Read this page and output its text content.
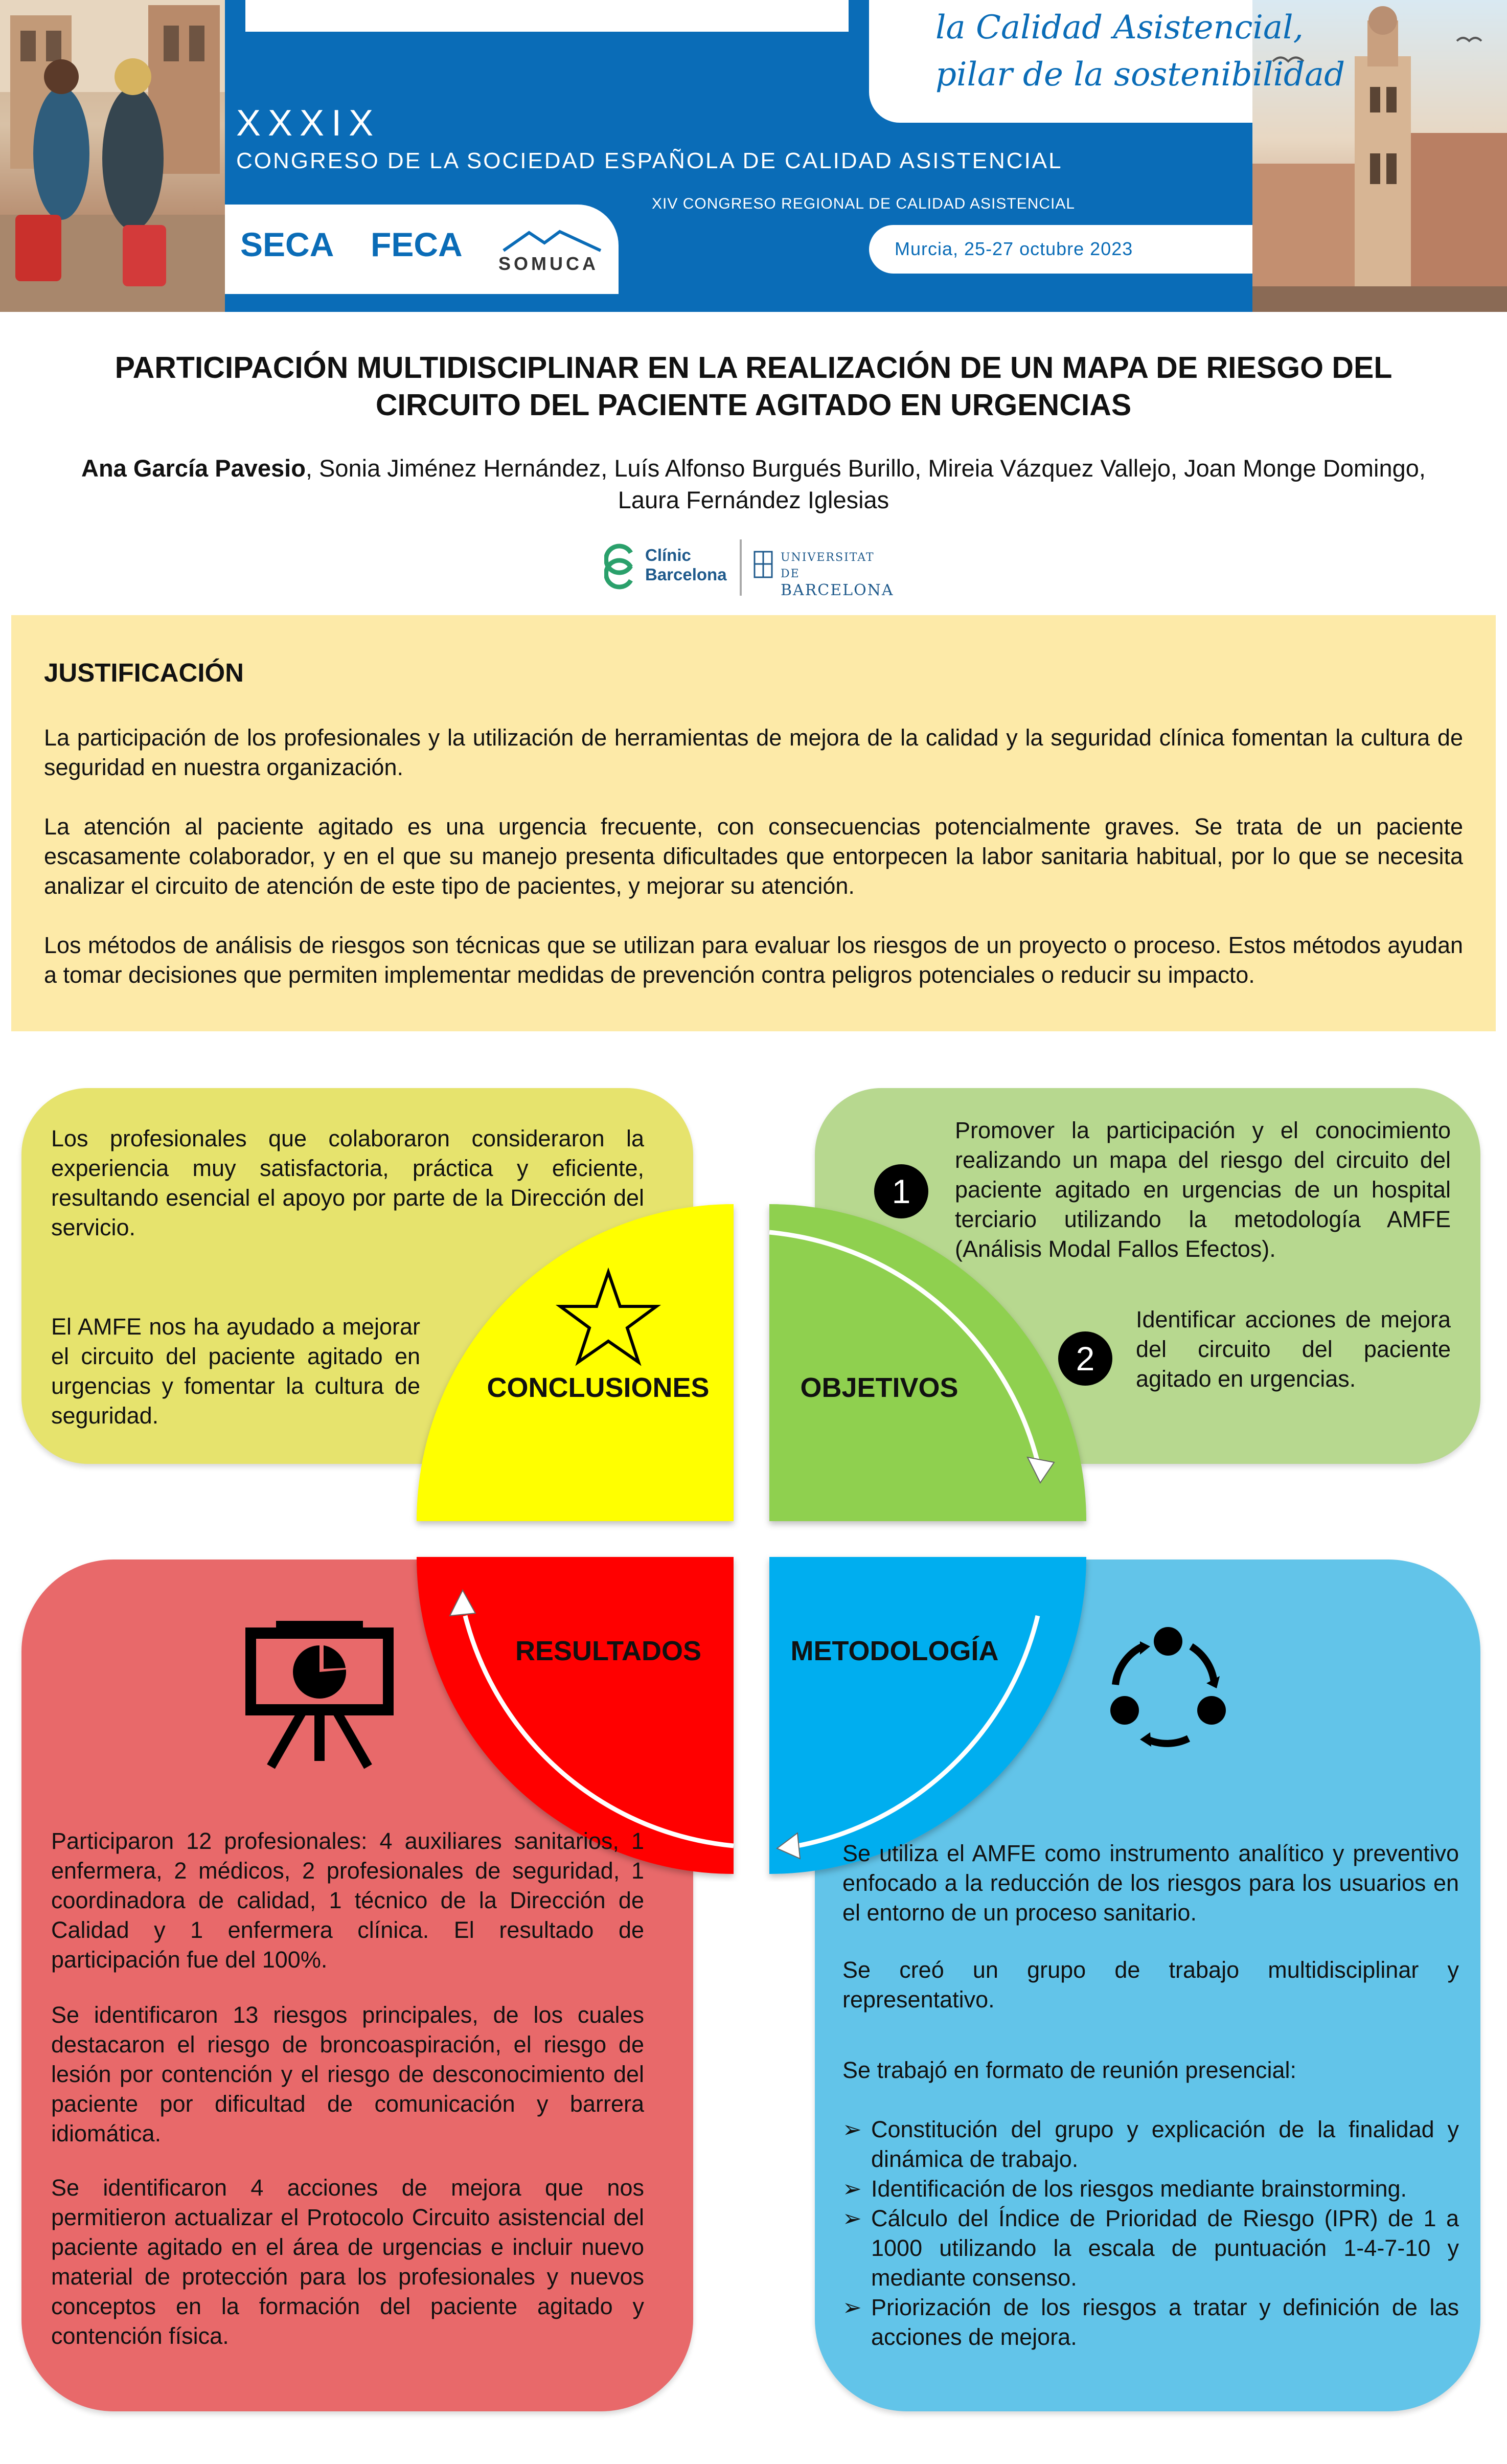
la Calidad Asistencial,
pilar de la sostenibilidad
XXXIX
CONGRESO DE LA SOCIEDAD ESPAÑOLA DE CALIDAD ASISTENCIAL
XIV CONGRESO REGIONAL DE CALIDAD ASISTENCIAL
SECA FECA
SOMUCA
Murcia, 25-27 octubre 2023
PARTICIPACIÓN MULTIDISCIPLINAR EN LA REALIZACIÓN DE UN MAPA DE RIESGO DEL
CIRCUITO DEL PACIENTE AGITADO EN URGENCIAS
Ana García Pavesio, Sonia Jiménez Hernández, Luís Alfonso Burgués Burillo, Mireia Vázquez Vallejo, Joan Monge Domingo,
Laura Fernández Iglesias
Clínic
Barcelona
UNIVERSITAT DE
BARCELONA
JUSTIFICACIÓN
La participación de los profesionales y la utilización de herramientas de mejora de la calidad y la seguridad clínica fomentan la cultura de seguridad en nuestra organización.
La atención al paciente agitado es una urgencia frecuente, con consecuencias potencialmente graves. Se trata de un paciente escasamente colaborador, y en el que su manejo presenta dificultades que entorpecen la labor sanitaria habitual, por lo que se necesita analizar el circuito de atención de este tipo de pacientes, y mejorar su atención.
Los métodos de análisis de riesgos son técnicas que se utilizan para evaluar los riesgos de un proyecto o proceso. Estos métodos ayudan a tomar decisiones que permiten implementar medidas de prevención contra peligros potenciales o reducir su impacto.
CONCLUSIONES	OBJETIVOS
RESULTADOS	METODOLOGÍA
Los profesionales que colaboraron consideraron la experiencia muy satisfactoria, práctica y eficiente, resultando esencial el apoyo por parte de la Dirección del servicio.
El AMFE nos ha ayudado a mejorar el circuito del paciente agitado en urgencias y fomentar la cultura de seguridad.
1
Promover la participación y el conocimiento realizando un mapa del riesgo del circuito del paciente agitado en urgencias de un hospital terciario utilizando la metodología AMFE (Análisis Modal Fallos Efectos).
2
Identificar acciones de mejora del circuito del paciente agitado en urgencias.
Participaron 12 profesionales: 4 auxiliares sanitarios, 1 enfermera, 2 médicos, 2 profesionales de seguridad, 1 coordinadora de calidad, 1 técnico de la Dirección de Calidad y 1 enfermera clínica. El resultado de participación fue del 100%.
Se identificaron 13 riesgos principales, de los cuales destacaron el riesgo de broncoaspiración, el riesgo de lesión por contención y el riesgo de desconocimiento del paciente por dificultad de comunicación y barrera idiomática.
Se identificaron 4 acciones de mejora que nos permitieron actualizar el Protocolo Circuito asistencial del paciente agitado en el área de urgencias e incluir nuevo material de protección para los profesionales y nuevos conceptos en la formación del paciente agitado y contención física.
Se utiliza el AMFE como instrumento analítico y preventivo enfocado a la reducción de los riesgos para los usuarios en el entorno de un proceso sanitario.
Se creó un grupo de trabajo multidisciplinar y representativo.
Se trabajó en formato de reunión presencial:
➢ Constitución del grupo y explicación de la finalidad y dinámica de trabajo.
➢ Identificación de los riesgos mediante brainstorming.
➢ Cálculo del Índice de Prioridad de Riesgo (IPR) de 1 a 1000 utilizando la escala de puntuación 1-4-7-10 y mediante consenso.
➢ Priorización de los riesgos a tratar y definición de las acciones de mejora.
